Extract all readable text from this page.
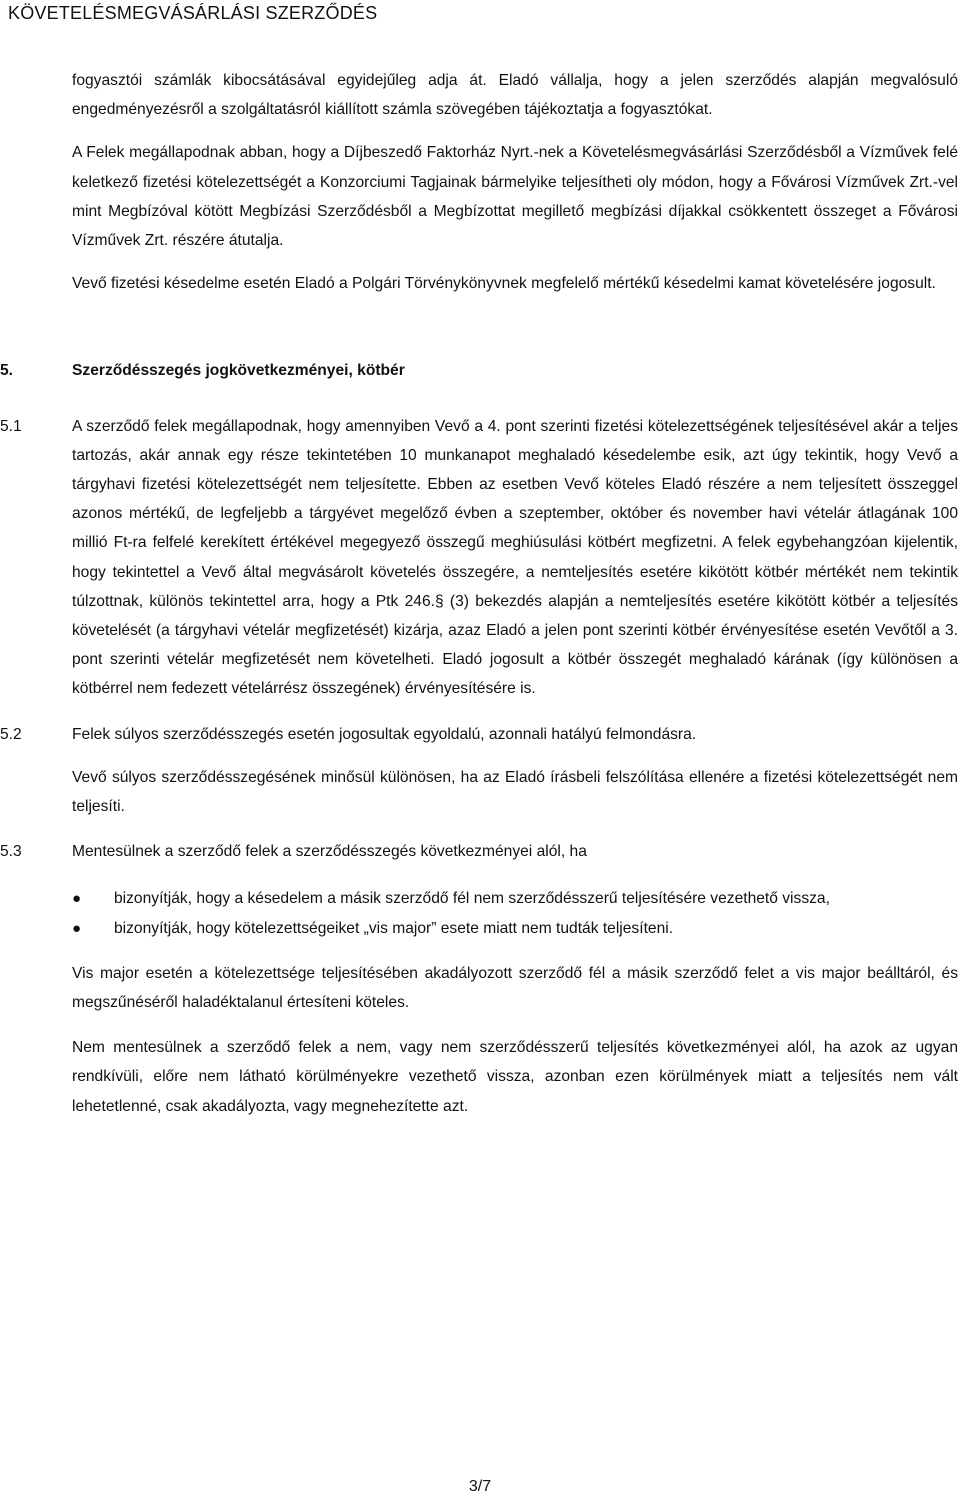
KÖVETELÉSMEGVÁSÁRLÁSI SZERZŐDÉS

fogyasztói számlák kibocsátásával egyidejűleg adja át. Eladó vállalja, hogy a jelen szerződés alapján megvalósuló engedményezésről a szolgáltatásról kiállított számla szövegében tájékoztatja a fogyasztókat.

A Felek megállapodnak abban, hogy a Díjbeszedő Faktorház Nyrt.-nek a Követelésmegvásárlási Szerződésből a Vízművek felé keletkező fizetési kötelezettségét a Konzorciumi Tagjainak bármelyike teljesítheti oly módon, hogy a Fővárosi Vízművek Zrt.-vel mint Megbízóval kötött Megbízási Szerződésből a Megbízottat megillető megbízási díjakkal csökkentett összeget a Fővárosi Vízművek Zrt. részére átutalja.

Vevő fizetési késedelme esetén Eladó a Polgári Törvénykönyvnek megfelelő mértékű késedelmi kamat követelésére jogosult.

5.	Szerződésszegés jogkövetkezményei, kötbér
5.1	A szerződő felek megállapodnak, hogy amennyiben Vevő a 4. pont szerinti fizetési kötelezettségének teljesítésével akár a teljes tartozás, akár annak egy része tekintetében 10 munkanapot meghaladó késedelembe esik, azt úgy tekintik, hogy Vevő a tárgyhavi fizetési kötelezettségét nem teljesítette. Ebben az esetben Vevő köteles Eladó részére a nem teljesített összeggel azonos mértékű, de legfeljebb a tárgyévet megelőző évben a szeptember, október és november havi vételár átlagának 100 millió Ft-ra felfelé kerekített értékével megegyező összegű meghiúsulási kötbért megfizetni. A felek egybehangzóan kijelentik, hogy tekintettel a Vevő által megvásárolt követelés összegére, a nemteljesítés esetére kikötött kötbér mértékét nem tekintik túlzottnak, különös tekintettel arra, hogy a Ptk 246.§ (3) bekezdés alapján a nemteljesítés esetére kikötött kötbér a teljesítés követelését (a tárgyhavi vételár megfizetését) kizárja, azaz Eladó a jelen pont szerinti kötbér érvényesítése esetén Vevőtől a 3. pont szerinti vételár megfizetését nem követelheti. Eladó jogosult a kötbér összegét meghaladó kárának (így különösen a kötbérrel nem fedezett vételárrész összegének) érvényesítésére is.

5.2	Felek súlyos szerződésszegés esetén jogosultak egyoldalú, azonnali hatályú felmondásra.

Vevő súlyos szerződésszegésének minősül különösen, ha az Eladó írásbeli felszólítása ellenére a fizetési kötelezettségét nem teljesíti.

5.3	Mentesülnek a szerződő felek a szerződésszegés következményei alól, ha

● bizonyítják, hogy a késedelem a másik szerződő fél nem szerződésszerű teljesítésére vezethető vissza,
● bizonyítják, hogy kötelezettségeiket „vis major” esete miatt nem tudták teljesíteni.

Vis major esetén a kötelezettsége teljesítésében akadályozott szerződő fél a másik szerződő felet a vis major beálltáról, és megszűnéséről haladéktalanul értesíteni köteles.

Nem mentesülnek a szerződő felek a nem, vagy nem szerződésszerű teljesítés következményei alól, ha azok az ugyan rendkívüli, előre nem látható körülményekre vezethető vissza, azonban ezen körülmények miatt a teljesítés nem vált lehetetlenné, csak akadályozta, vagy megnehezítette azt.

3/7
